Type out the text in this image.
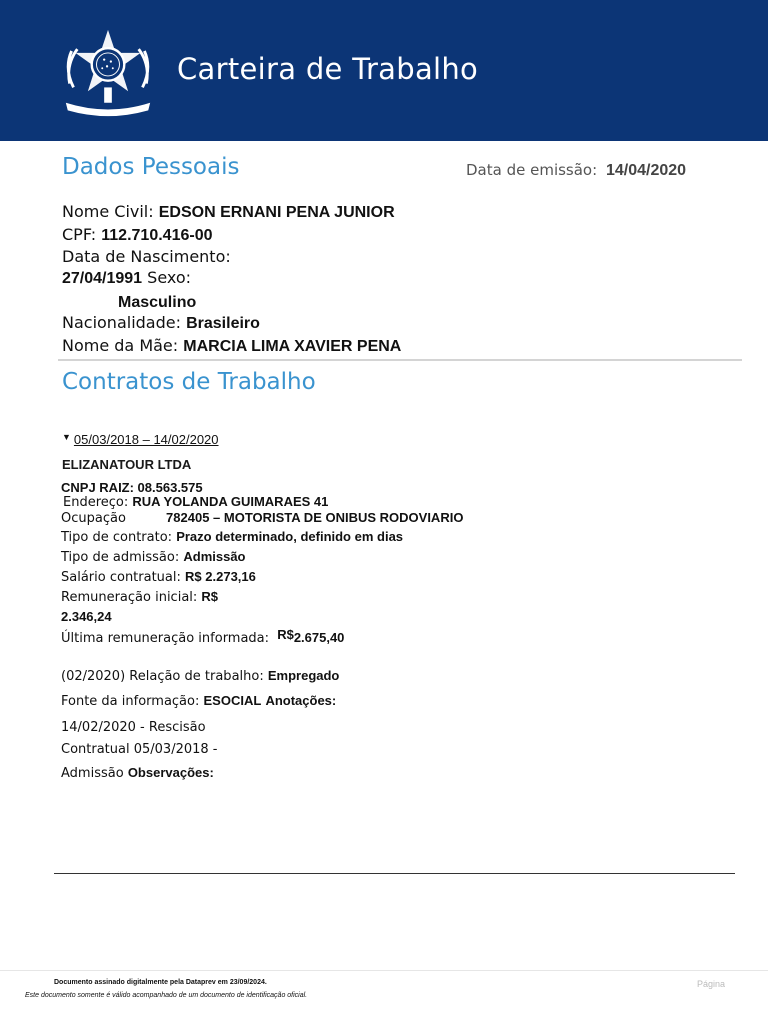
Carteira de Trabalho
Dados Pessoais	Data de emissão: 14/04/2020
Nome Civil: EDSON ERNANI PENA JUNIOR
CPF: 112.710.416-00
Data de Nascimento:
27/04/1991 Sexo:
Masculino
Nacionalidade: Brasileiro
Nome da Mãe: MARCIA LIMA XAVIER PENA
Contratos de Trabalho
▼ 05/03/2018 – 14/02/2020
ELIZANATOUR LTDA
CNPJ RAIZ: 08.563.575
Endereço: RUA YOLANDA GUIMARAES 41
Ocupação	782405 – MOTORISTA DE ONIBUS RODOVIARIO
Tipo de contrato: Prazo determinado, definido em dias
Tipo de admissão: Admissão
Salário contratual: R$ 2.273,16
Remuneração inicial: R$
2.346,24
Última remuneração informada: R$2.675,40
(02/2020) Relação de trabalho: Empregado
Fonte da informação: ESOCIAL Anotações:
14/02/2020 - Rescisão
Contratual 05/03/2018 -
Admissão Observações:
Documento assinado digitalmente pela Dataprev em 23/09/2024.
Este documento somente é válido acompanhado de um documento de identificação oficial.
Página
